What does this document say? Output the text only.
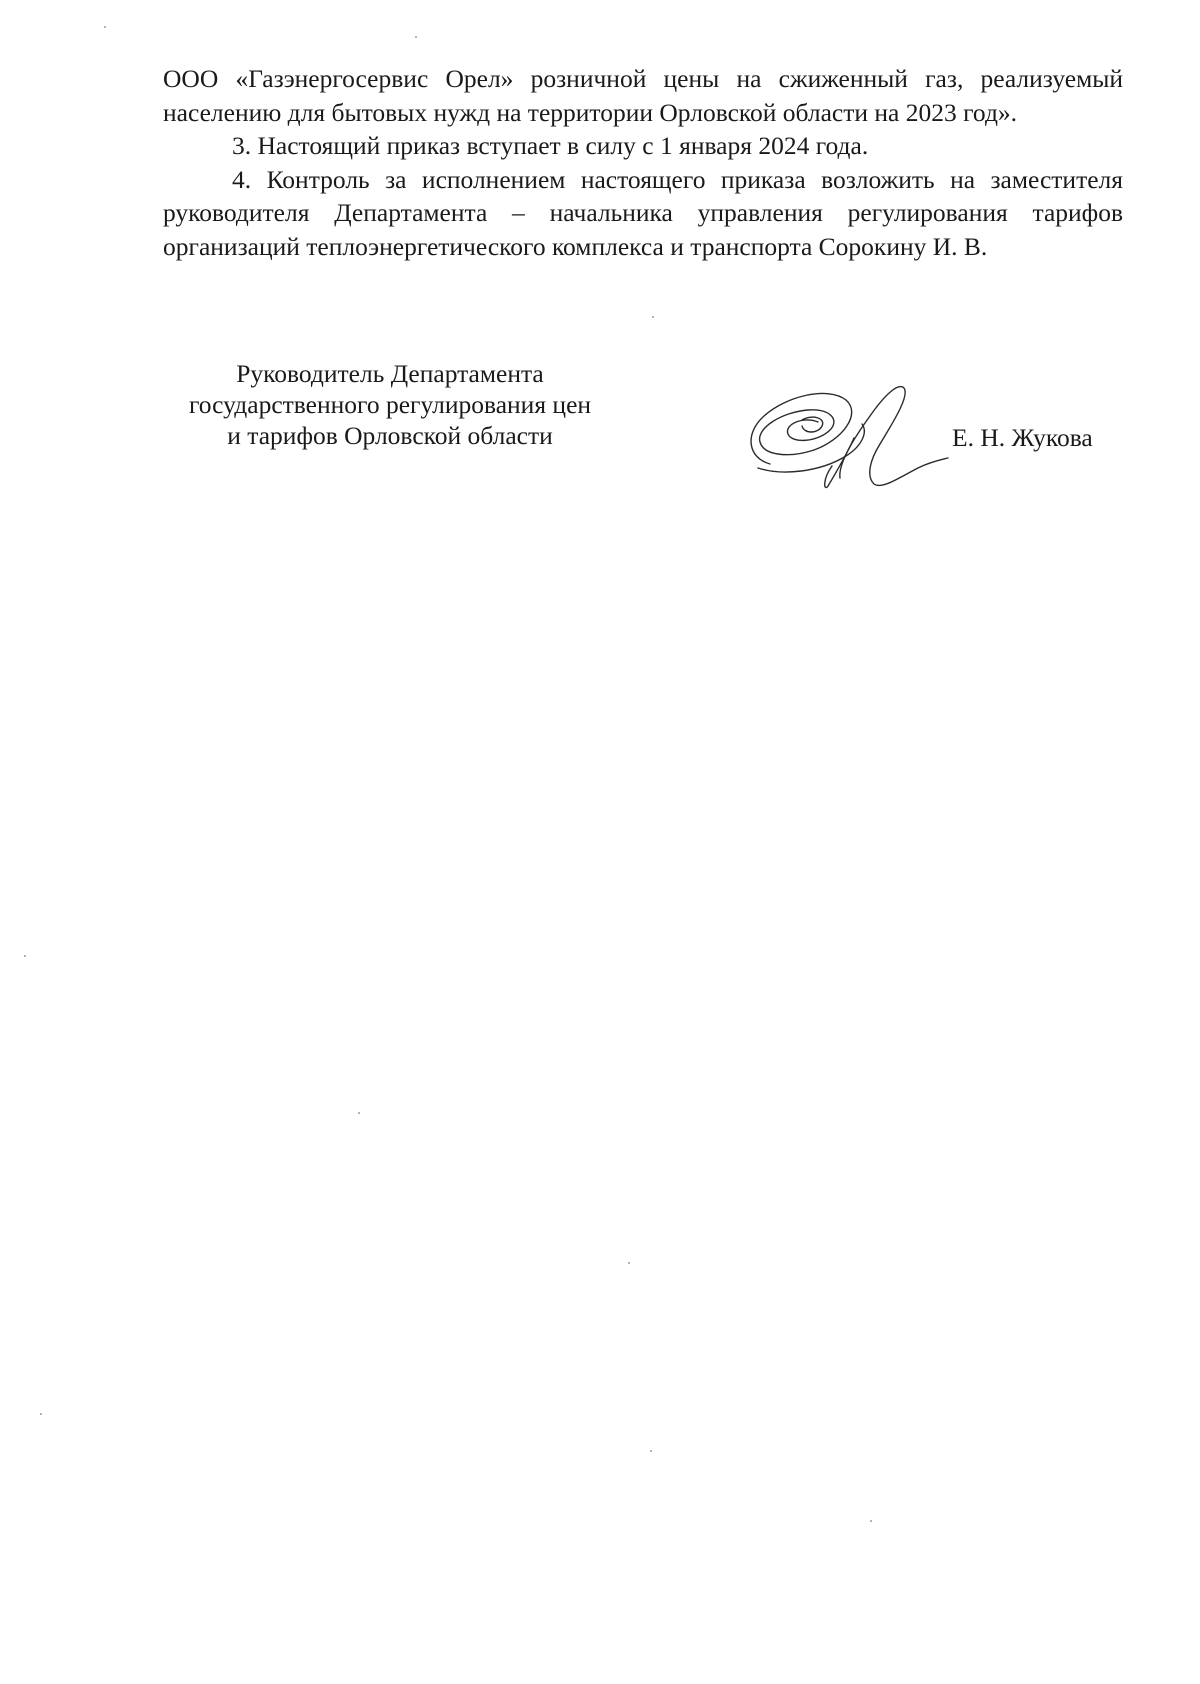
ООО «Газэнергосервис Орел» розничной цены на сжиженный газ, реализуемый населению для бытовых нужд на территории Орловской области на 2023 год».

3. Настоящий приказ вступает в силу с 1 января 2024 года.

4. Контроль за исполнением настоящего приказа возложить на заместителя руководителя Департамента – начальника управления регулирования тарифов организаций теплоэнергетического комплекса и транспорта Сорокину И. В.

Руководитель Департамента
государственного регулирования цен
и тарифов Орловской области	Е. Н. Жукова
